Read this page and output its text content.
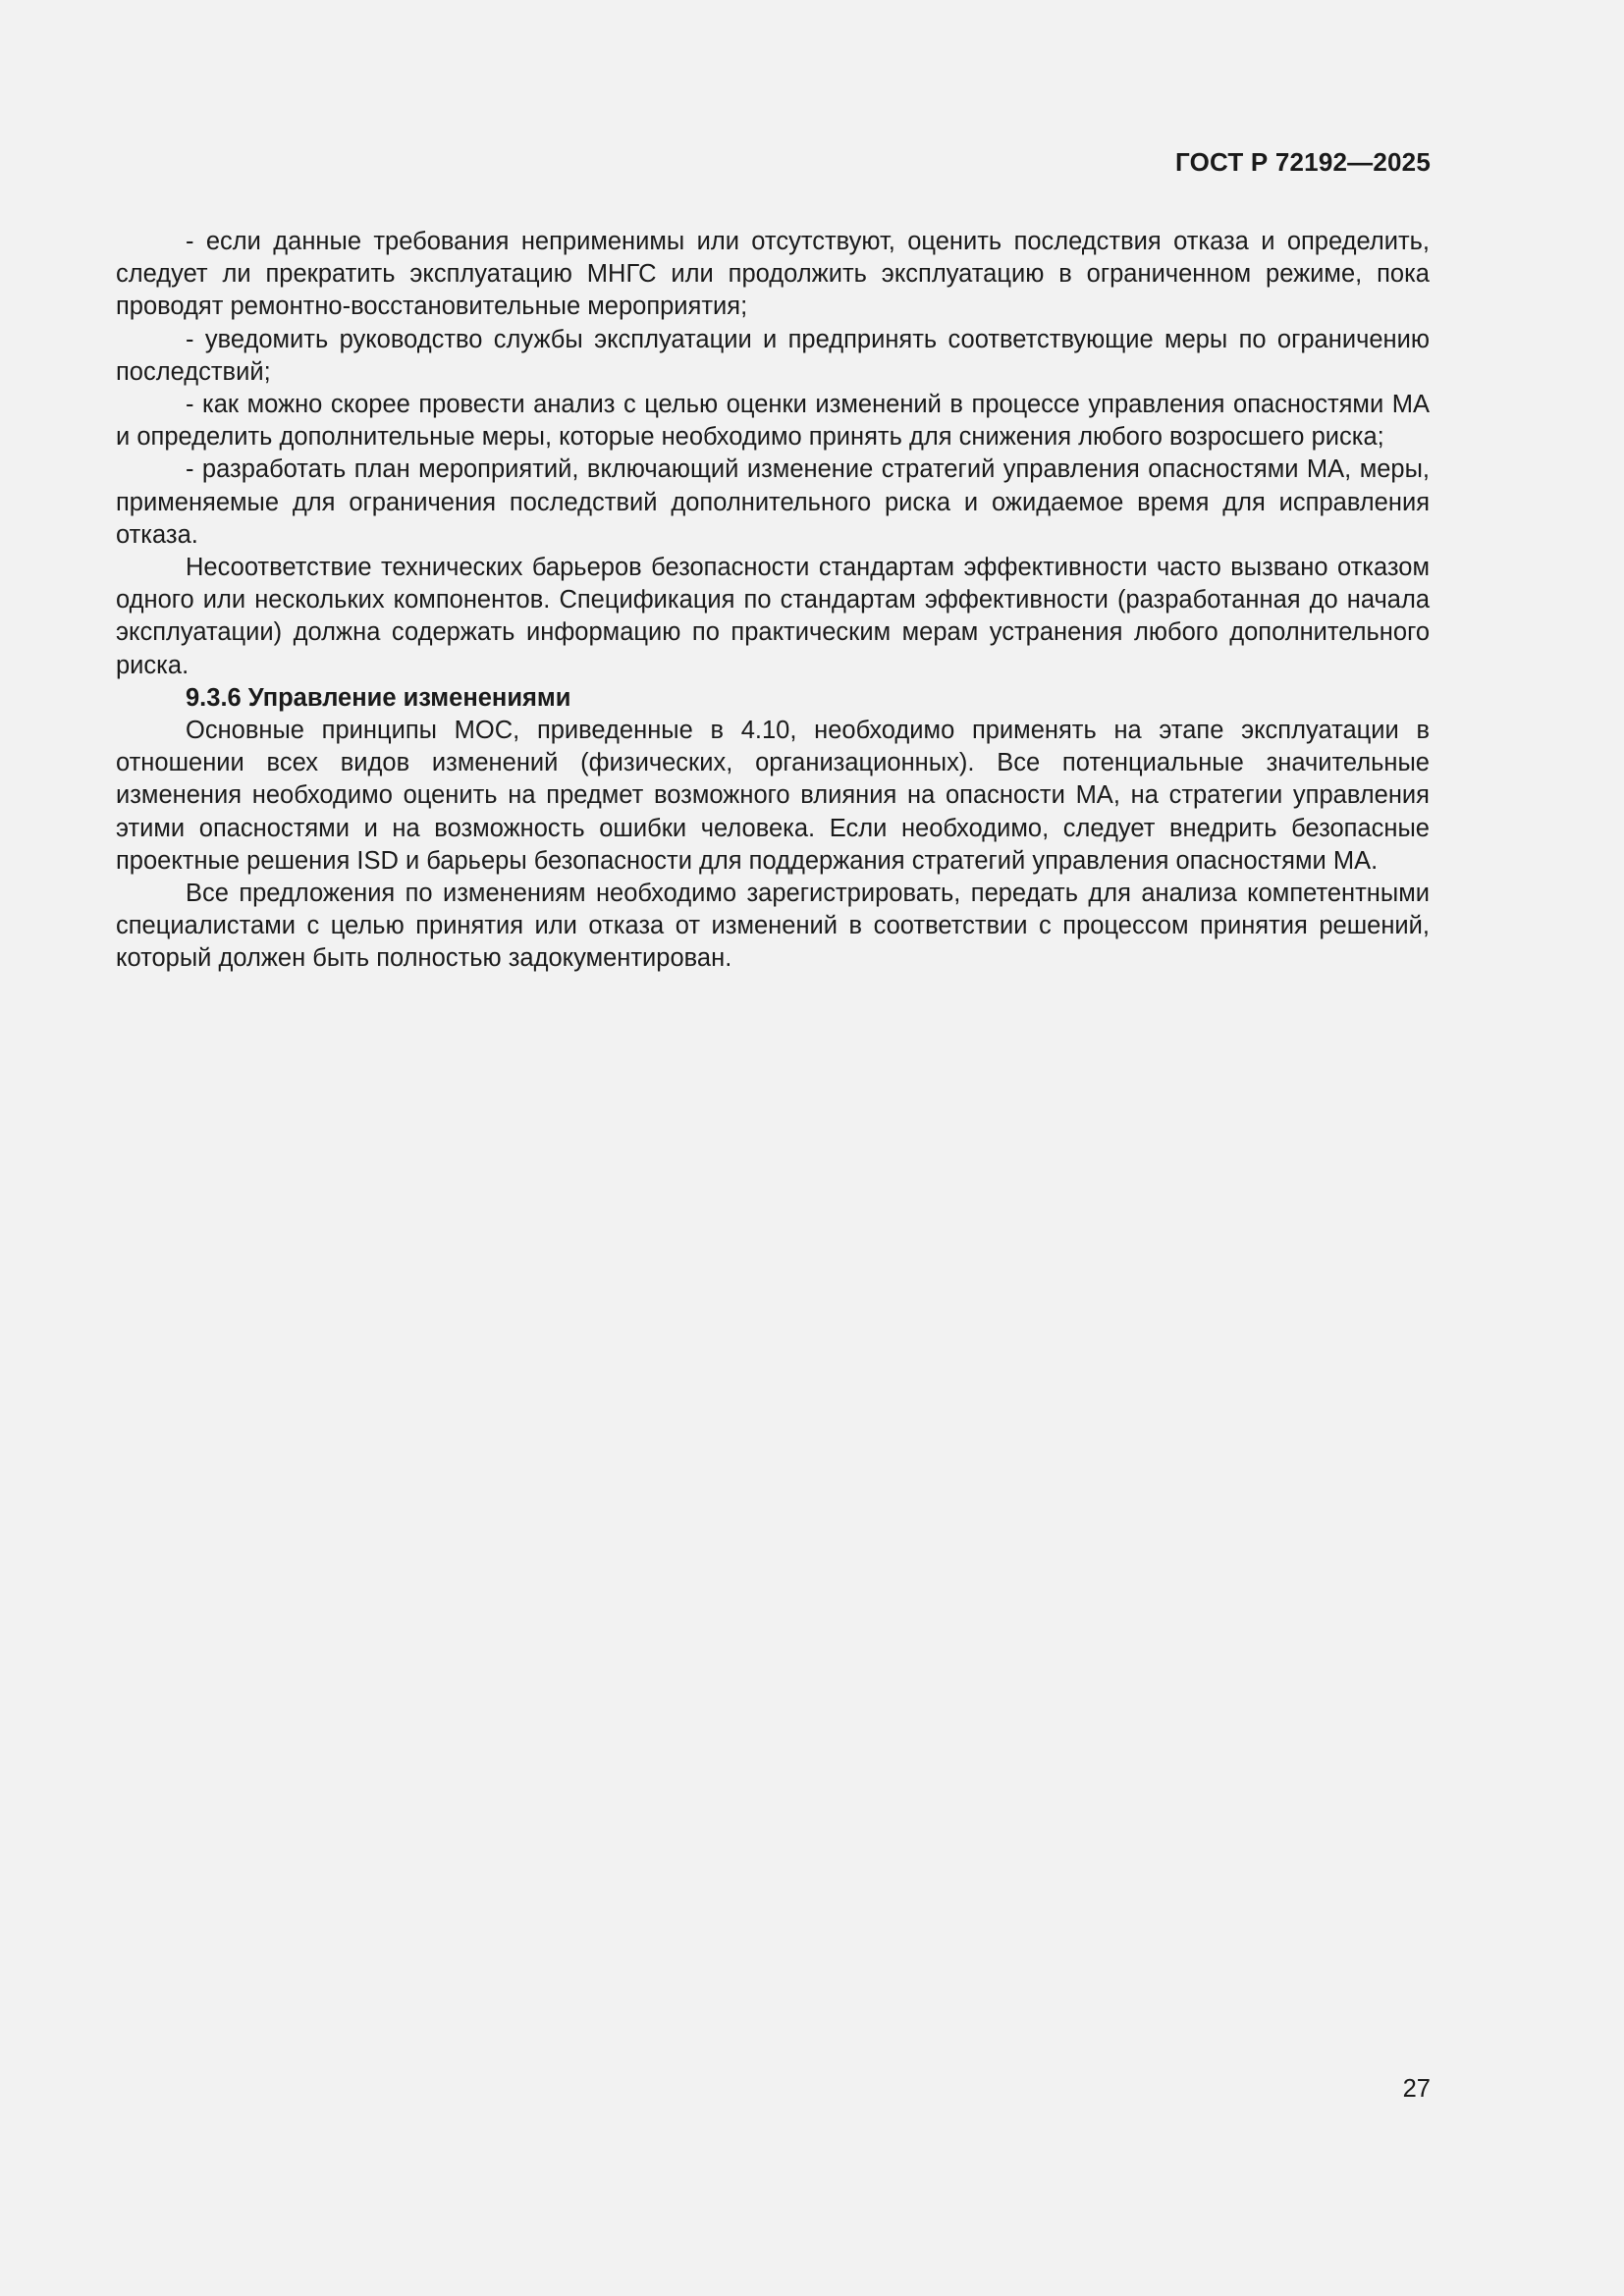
ГОСТ Р 72192—2025

- если данные требования неприменимы или отсутствуют, оценить последствия отказа и определить, следует ли прекратить эксплуатацию МНГС или продолжить эксплуатацию в ограниченном режиме, пока проводят ремонтно-восстановительные мероприятия;

- уведомить руководство службы эксплуатации и предпринять соответствующие меры по ограничению последствий;

- как можно скорее провести анализ с целью оценки изменений в процессе управления опасностями МА и определить дополнительные меры, которые необходимо принять для снижения любого возросшего риска;

- разработать план мероприятий, включающий изменение стратегий управления опасностями МА, меры, применяемые для ограничения последствий дополнительного риска и ожидаемое время для исправления отказа.

Несоответствие технических барьеров безопасности стандартам эффективности часто вызвано отказом одного или нескольких компонентов. Спецификация по стандартам эффективности (разработанная до начала эксплуатации) должна содержать информацию по практическим мерам устранения любого дополнительного риска.

9.3.6 Управление изменениями

Основные принципы МОС, приведенные в 4.10, необходимо применять на этапе эксплуатации в отношении всех видов изменений (физических, организационных). Все потенциальные значительные изменения необходимо оценить на предмет возможного влияния на опасности МА, на стратегии управления этими опасностями и на возможность ошибки человека. Если необходимо, следует внедрить безопасные проектные решения ISD и барьеры безопасности для поддержания стратегий управления опасностями МА.

Все предложения по изменениям необходимо зарегистрировать, передать для анализа компетентными специалистами с целью принятия или отказа от изменений в соответствии с процессом принятия решений, который должен быть полностью задокументирован.

27
